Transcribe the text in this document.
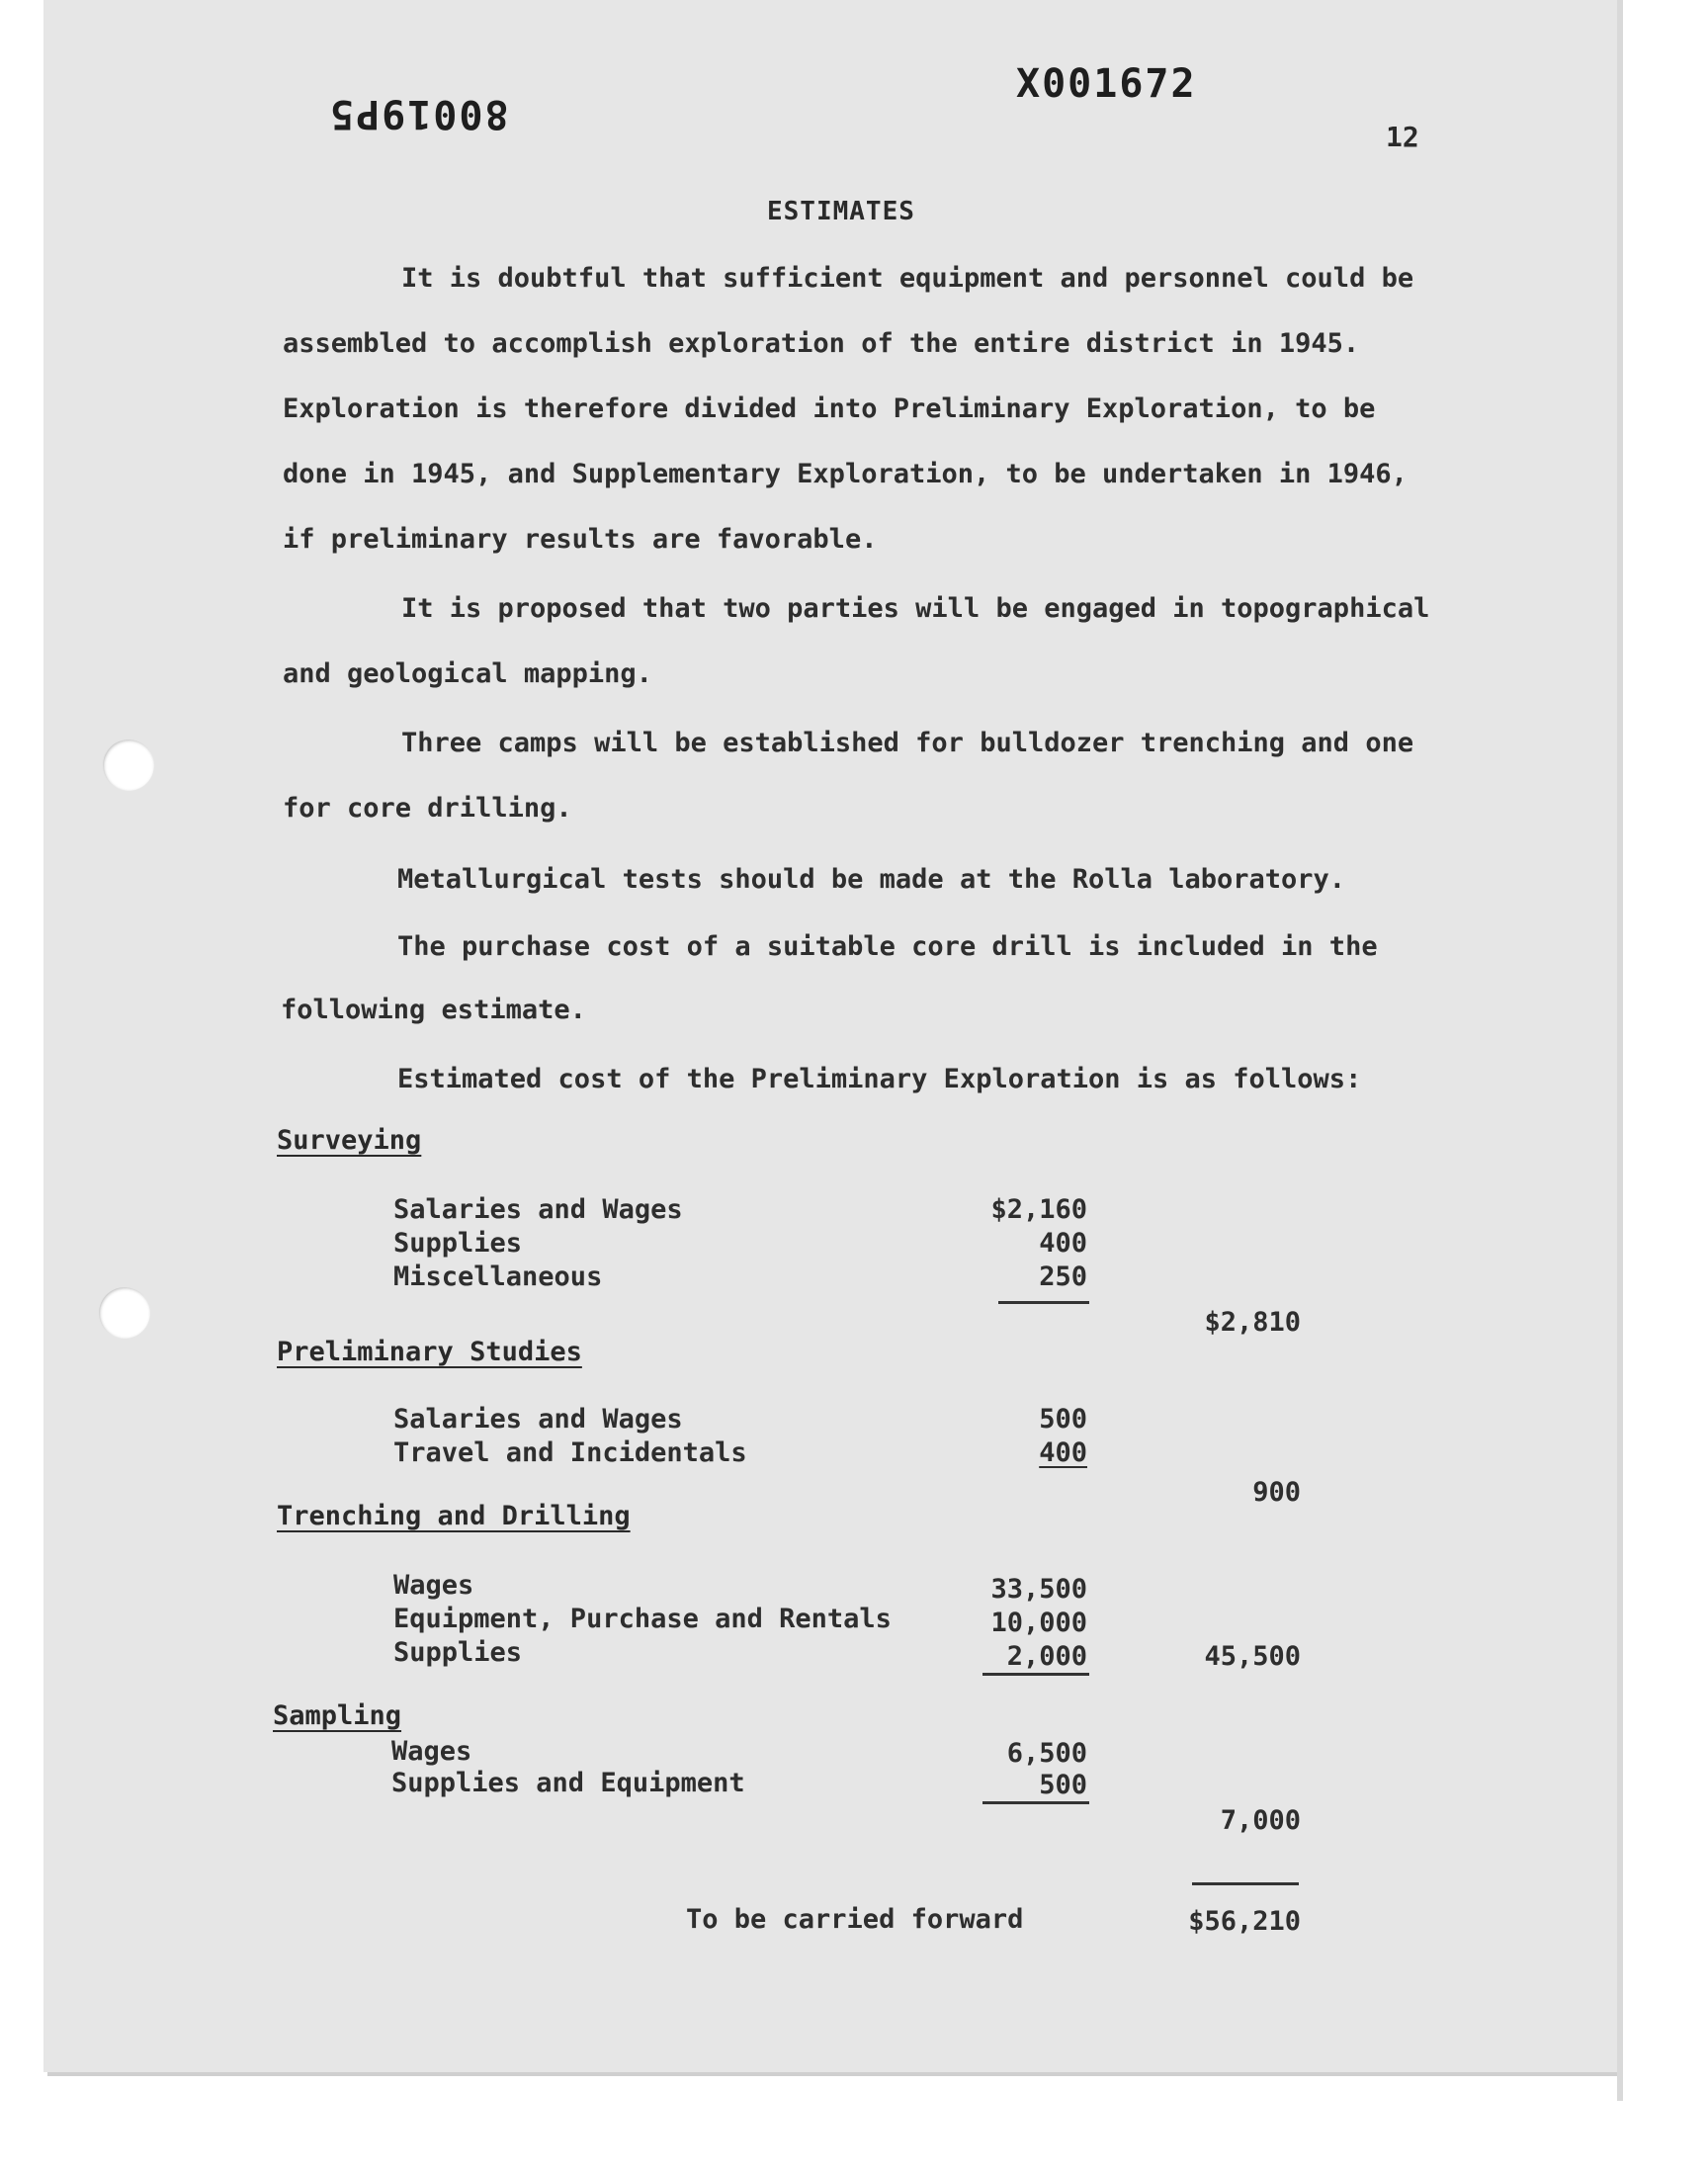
80019P5
X001672
12
ESTIMATES
It is doubtful that sufficient equipment and personnel could be
assembled to accomplish exploration of the entire district in 1945.
Exploration is therefore divided into Preliminary Exploration, to be
done in 1945, and Supplementary Exploration, to be undertaken in 1946,
if preliminary results are favorable.
It is proposed that two parties will be engaged in topographical
and geological mapping.
Three camps will be established for bulldozer trenching and one
for core drilling.
Metallurgical tests should be made at the Rolla laboratory.
The purchase cost of a suitable core drill is included in the
following estimate.
Estimated cost of the Preliminary Exploration is as follows:
Surveying
Salaries and Wages	$2,160
Supplies	400
Miscellaneous	250
$2,810
Preliminary Studies
Salaries and Wages	500
Travel and Incidentals	400
900
Trenching and Drilling
Wages	33,500
Equipment, Purchase and Rentals	10,000
Supplies	2,000	45,500
Sampling
Wages	6,500
Supplies and Equipment	500
7,000
To be carried forward	$56,210
